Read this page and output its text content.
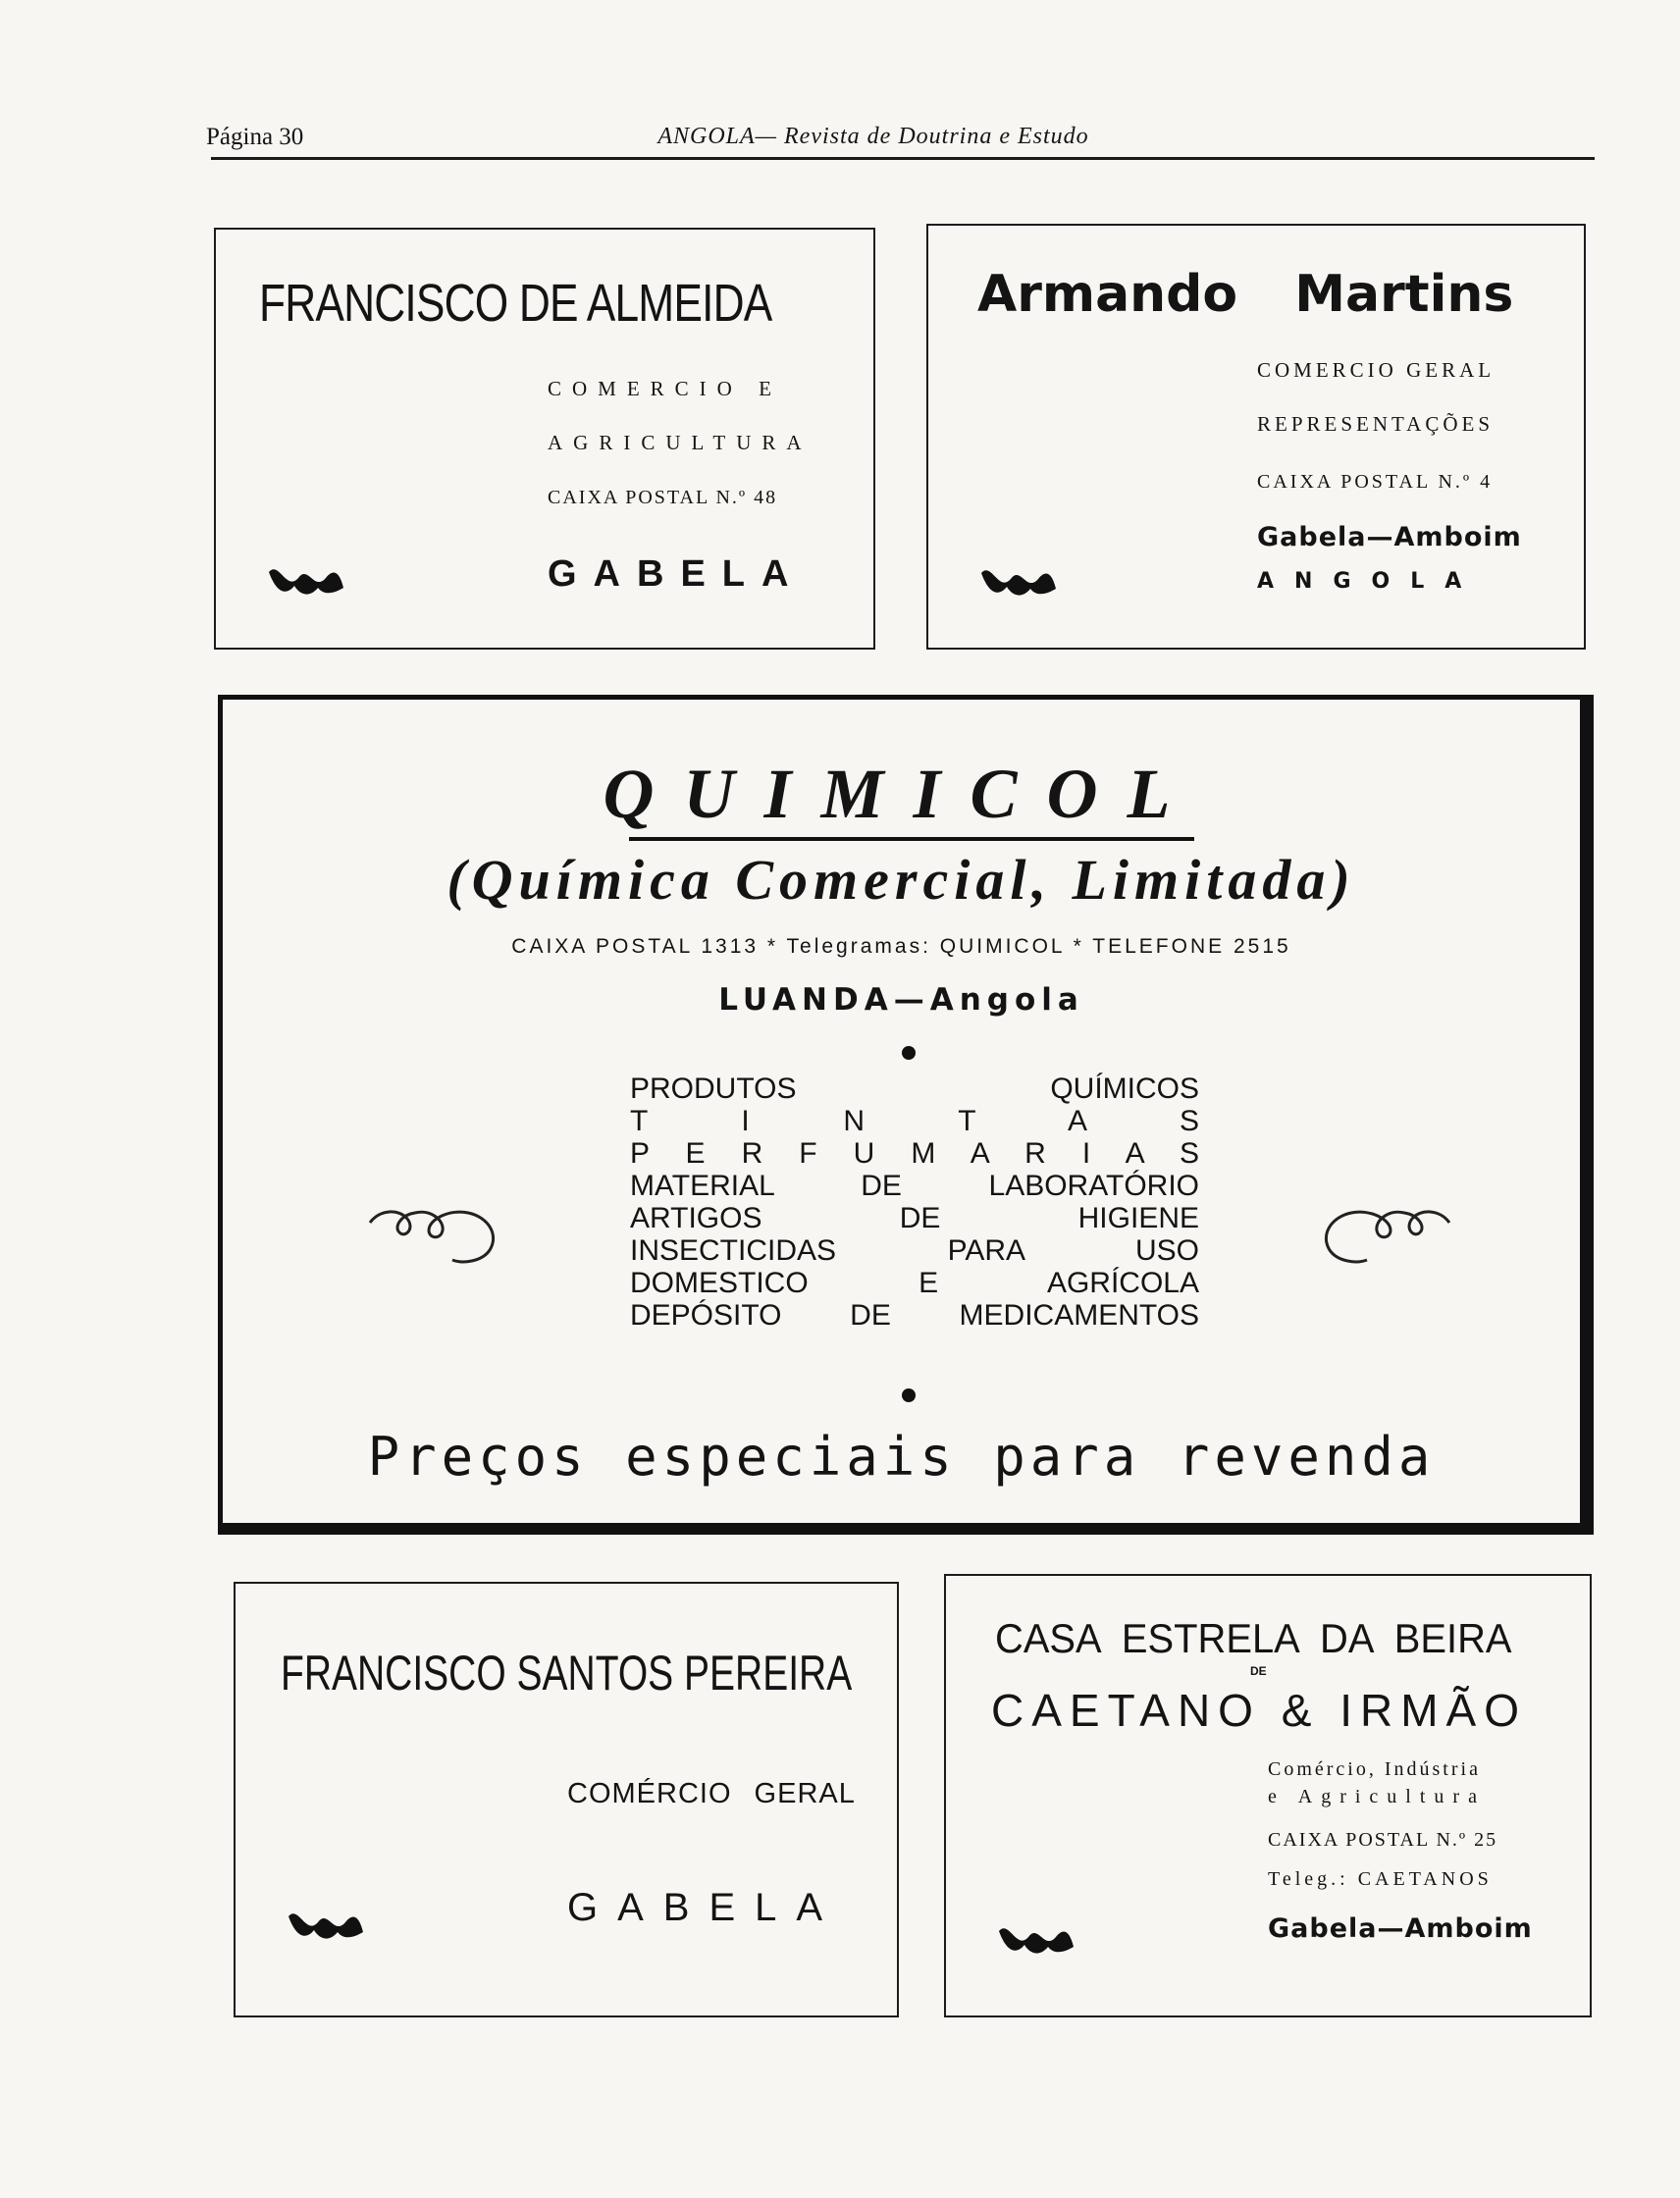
Página 30	ANGOLA— Revista de Doutrina e Estudo
FRANCISCO DE ALMEIDA
COMERCIO E
AGRICULTURA
CAIXA POSTAL N.º 48
GABELA
Armando Martins
COMERCIO GERAL
REPRESENTAÇÕES
CAIXA POSTAL N.º 4
Gabela—Amboim
ANGOLA
QUIMICOL
(Química Comercial, Limitada)
CAIXA POSTAL 1313 * Telegramas: QUIMICOL * TELEFONE 2515
LUANDA—Angola
PRODUTOS QUÍMICOS
T I N T A S
P E R F U M A R I A S
MATERIAL DE LABORATÓRIO
ARTIGOS DE HIGIENE
INSECTICIDAS PARA USO
DOMESTICO E AGRÍCOLA
DEPÓSITO DE MEDICAMENTOS
Preços especiais para revenda
FRANCISCO SANTOS PEREIRA
COMÉRCIO GERAL
GABELA
CASA ESTRELA DA BEIRA
DE
CAETANO & IRMÃO
Comércio, Indústria
e Agricultura
CAIXA POSTAL N.º 25
Teleg.: CAETANOS
Gabela—Amboim
